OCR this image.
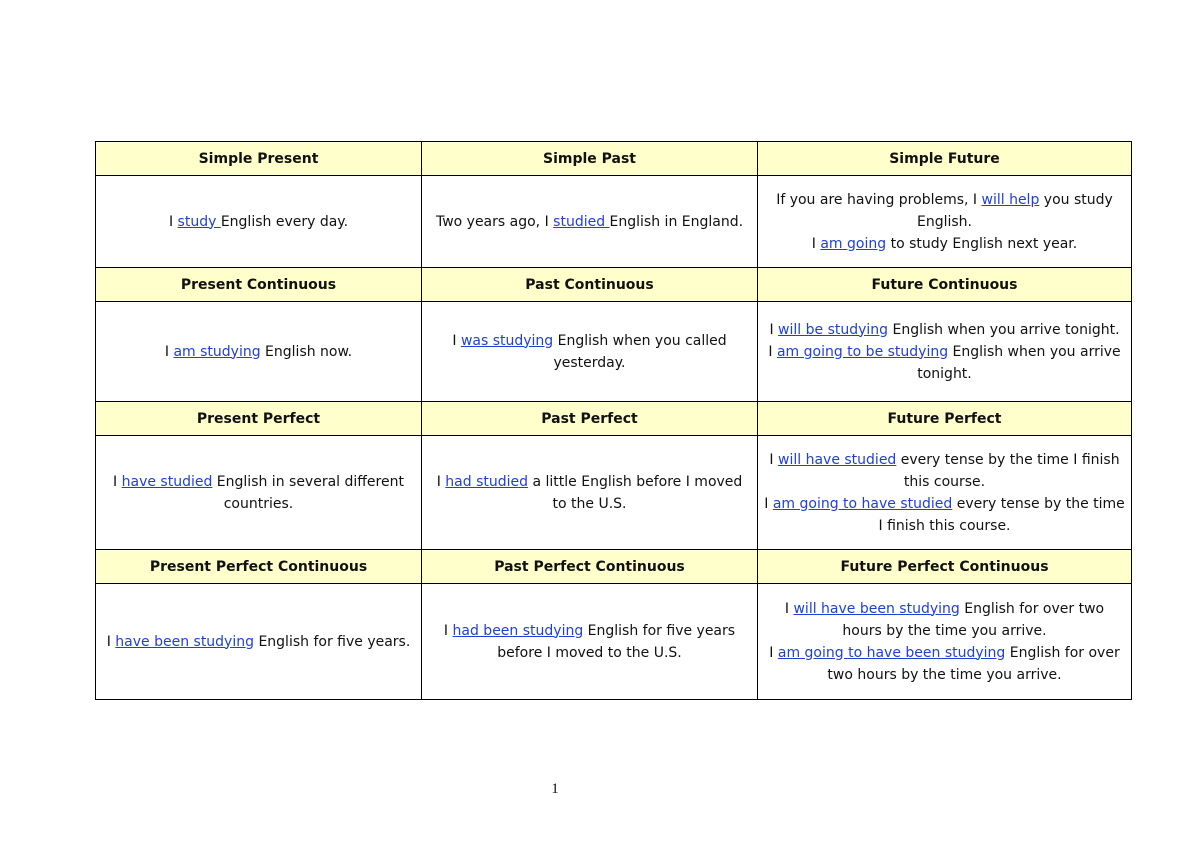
Simple Present	Simple Past	Simple Future

I study English every day.	Two years ago, I studied English in England.	If you are having problems, I will help you study English.
I am going to study English next year.

Present Continuous	Past Continuous	Future Continuous

I am studying English now.	I was studying English when you called yesterday.	I will be studying English when you arrive tonight.
I am going to be studying English when you arrive tonight.

Present Perfect	Past Perfect	Future Perfect

I have studied English in several different countries.	I had studied a little English before I moved to the U.S.	I will have studied every tense by the time I finish this course.
I am going to have studied every tense by the time I finish this course.

Present Perfect Continuous	Past Perfect Continuous	Future Perfect Continuous

I have been studying English for five years.	I had been studying English for five years before I moved to the U.S.	I will have been studying English for over two hours by the time you arrive.
I am going to have been studying English for over two hours by the time you arrive.
1
